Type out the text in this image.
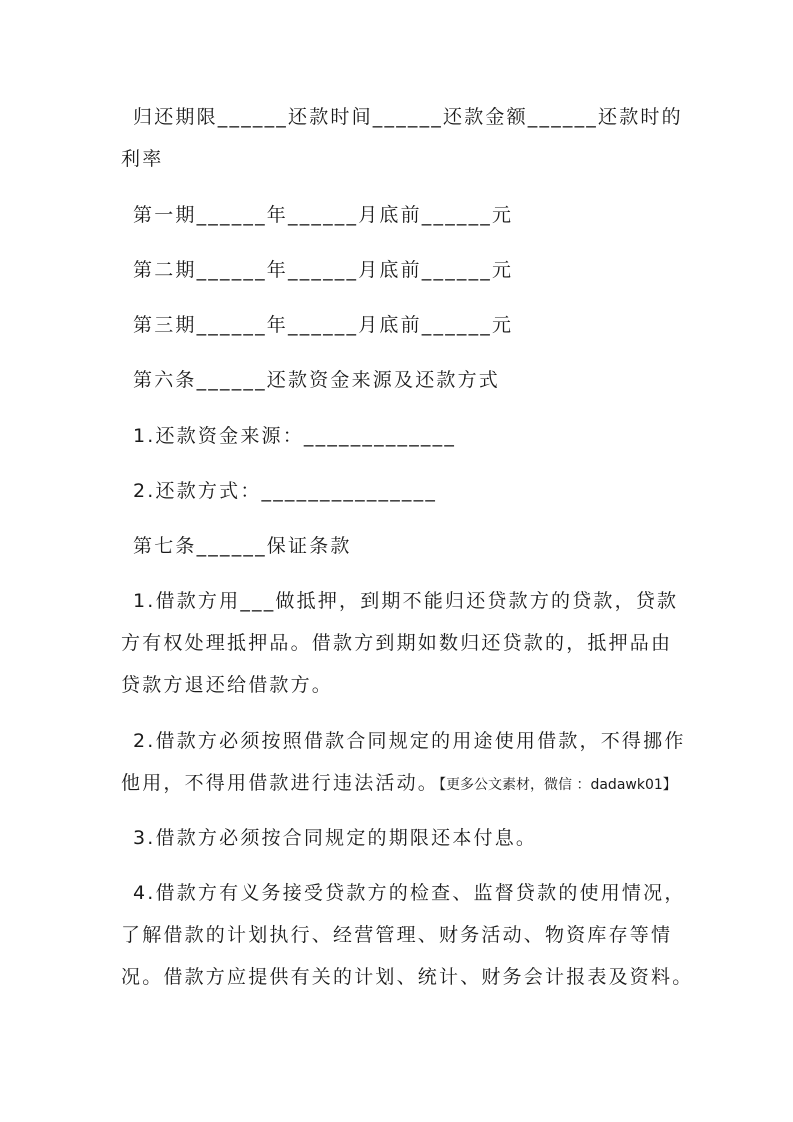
归还期限______还款时间______还款金额______还款时的
利率
第一期______年______月底前______元
第二期______年______月底前______元
第三期______年______月底前______元
第六条______还款资金来源及还款方式
1.还款资金来源：_____________
2.还款方式：_______________
第七条______保证条款
1.借款方用___做抵押，到期不能归还贷款方的贷款，贷款
方有权处理抵押品。借款方到期如数归还贷款的，抵押品由
贷款方退还给借款方。
2.借款方必须按照借款合同规定的用途使用借款，不得挪作
他用，不得用借款进行违法活动。【更多公文素材，微信 ：dadawk01】
3.借款方必须按合同规定的期限还本付息。
4.借款方有义务接受贷款方的检查、监督贷款的使用情况，
了解借款的计划执行、经营管理、财务活动、物资库存等情
况。借款方应提供有关的计划、统计、财务会计报表及资料。
